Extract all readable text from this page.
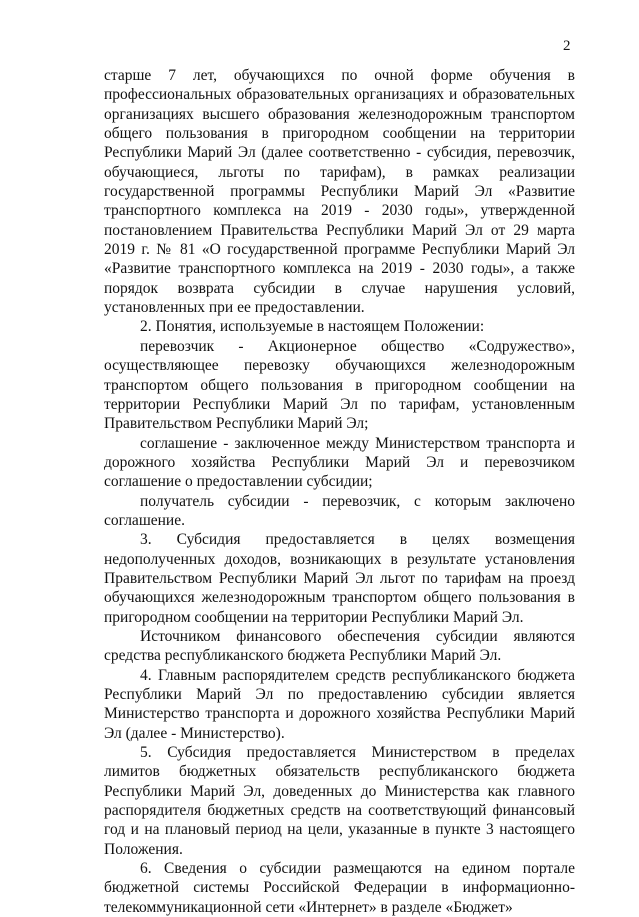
2

старше 7 лет, обучающихся по очной форме обучения в профессиональных образовательных организациях и образовательных организациях высшего образования железнодорожным транспортом общего пользования в пригородном сообщении на территории Республики Марий Эл (далее соответственно - субсидия, перевозчик, обучающиеся, льготы по тарифам), в рамках реализации государственной программы Республики Марий Эл «Развитие транспортного комплекса на 2019 - 2030 годы», утвержденной постановлением Правительства Республики Марий Эл от 29 марта 2019 г. № 81 «О государственной программе Республики Марий Эл «Развитие транспортного комплекса на 2019 - 2030 годы», а также порядок возврата субсидии в случае нарушения условий, установленных при ее предоставлении.

2. Понятия, используемые в настоящем Положении:

перевозчик - Акционерное общество «Содружество», осуществляющее перевозку обучающихся железнодорожным транспортом общего пользования в пригородном сообщении на территории Республики Марий Эл по тарифам, установленным Правительством Республики Марий Эл;

соглашение - заключенное между Министерством транспорта и дорожного хозяйства Республики Марий Эл и перевозчиком соглашение о предоставлении субсидии;

получатель субсидии - перевозчик, с которым заключено соглашение.

3. Субсидия предоставляется в целях возмещения недополученных доходов, возникающих в результате установления Правительством Республики Марий Эл льгот по тарифам на проезд обучающихся железнодорожным транспортом общего пользования в пригородном сообщении на территории Республики Марий Эл.

Источником финансового обеспечения субсидии являются средства республиканского бюджета Республики Марий Эл.

4. Главным распорядителем средств республиканского бюджета Республики Марий Эл по предоставлению субсидии является Министерство транспорта и дорожного хозяйства Республики Марий Эл (далее - Министерство).

5. Субсидия предоставляется Министерством в пределах лимитов бюджетных обязательств республиканского бюджета Республики Марий Эл, доведенных до Министерства как главного распорядителя бюджетных средств на соответствующий финансовый год и на плановый период на цели, указанные в пункте 3 настоящего Положения.

6. Сведения о субсидии размещаются на едином портале бюджетной системы Российской Федерации в информационно-телекоммуникационной сети «Интернет» в разделе «Бюджет»
